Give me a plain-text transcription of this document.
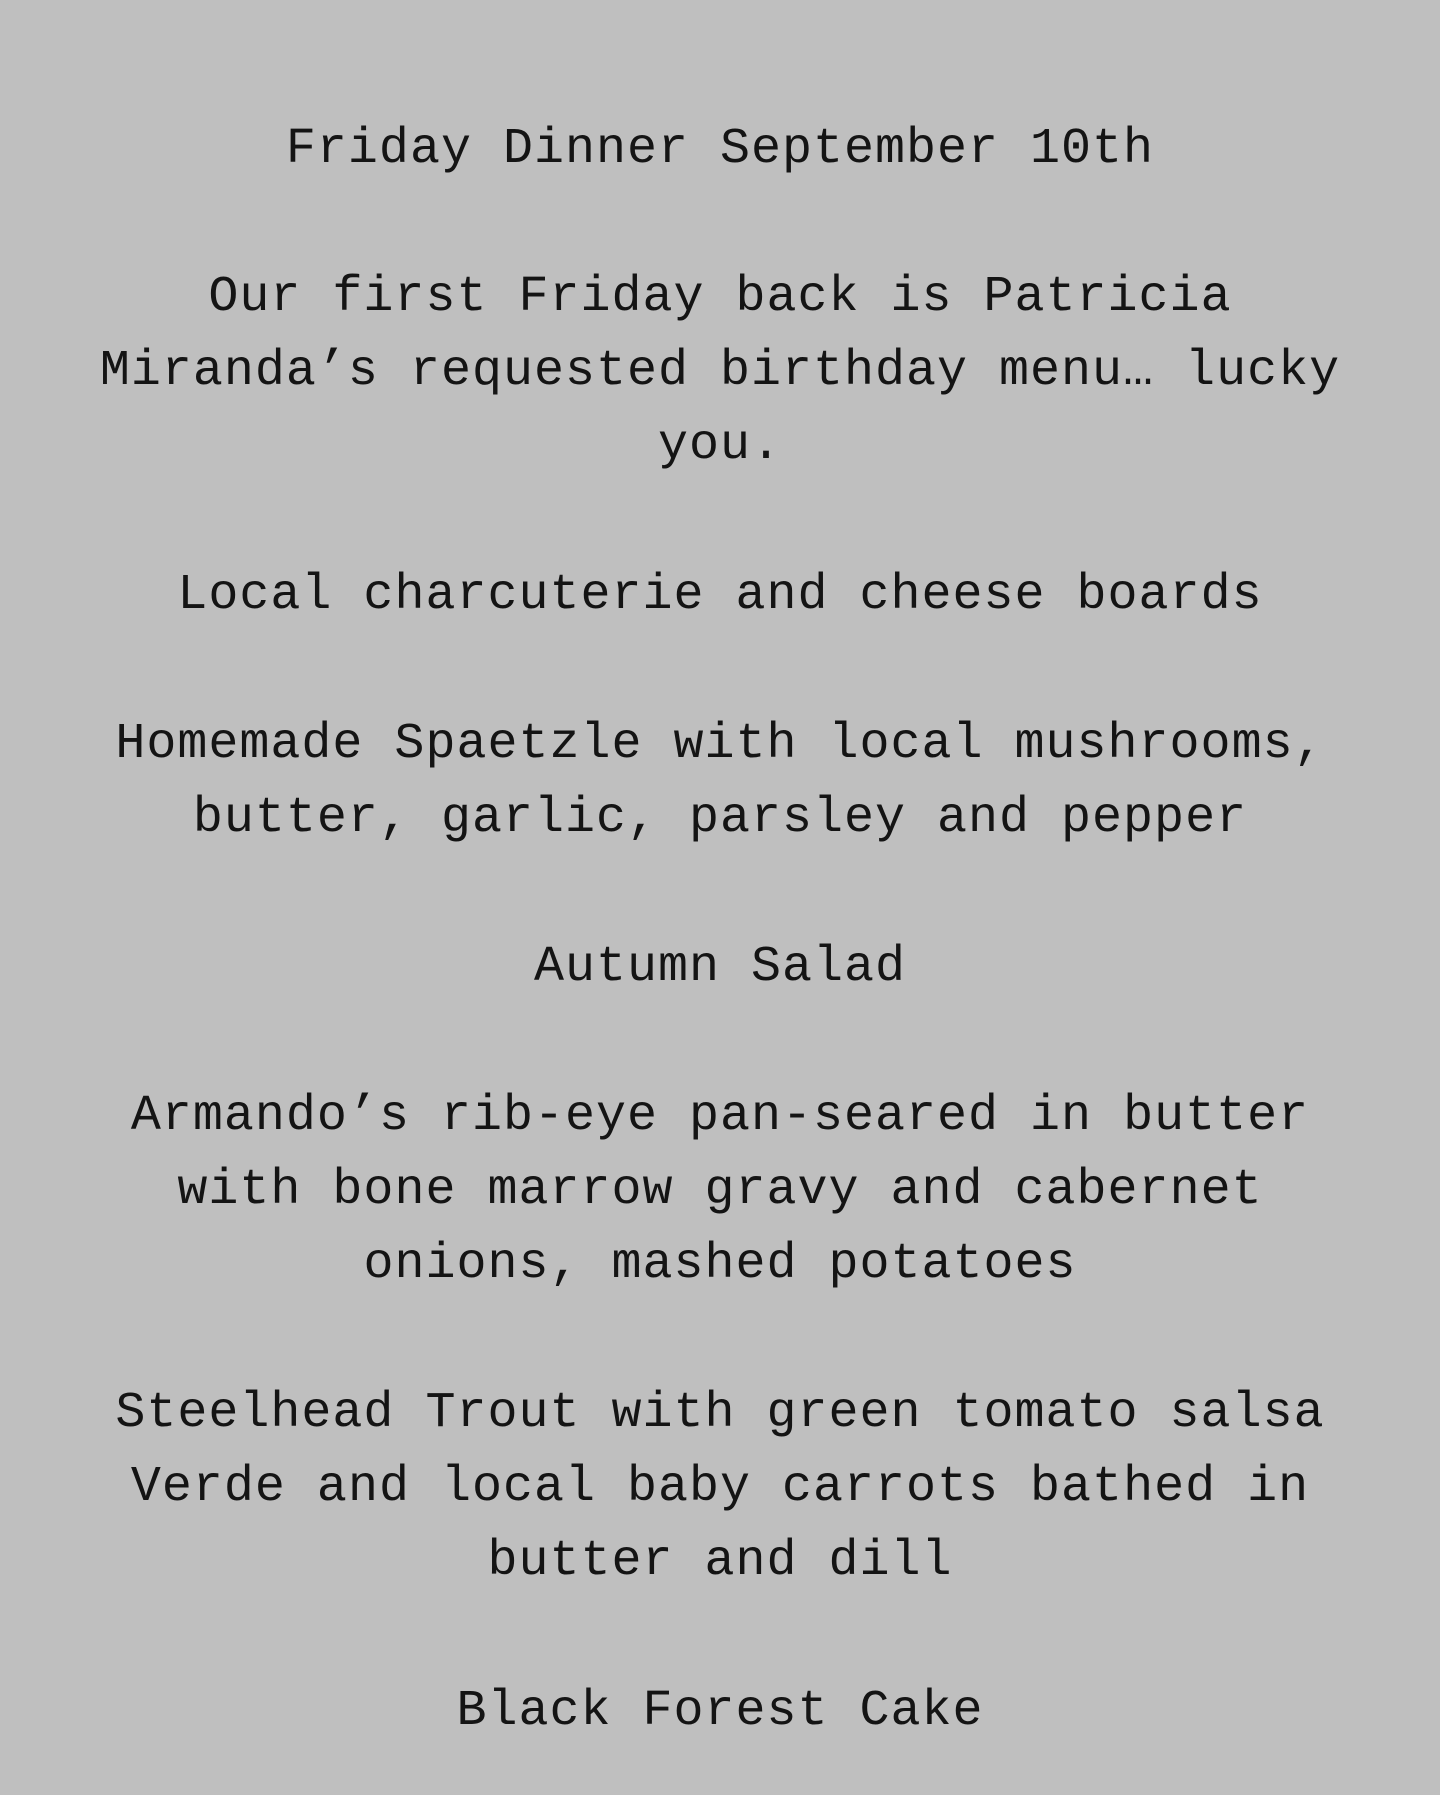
Friday Dinner September 10th

Our first Friday back is Patricia
Miranda’s requested birthday menu… lucky
you.

Local charcuterie and cheese boards

Homemade Spaetzle with local mushrooms,
butter, garlic, parsley and pepper

Autumn Salad

Armando’s rib-eye pan-seared in butter
with bone marrow gravy and cabernet
onions, mashed potatoes

Steelhead Trout with green tomato salsa
Verde and local baby carrots bathed in
butter and dill

Black Forest Cake
